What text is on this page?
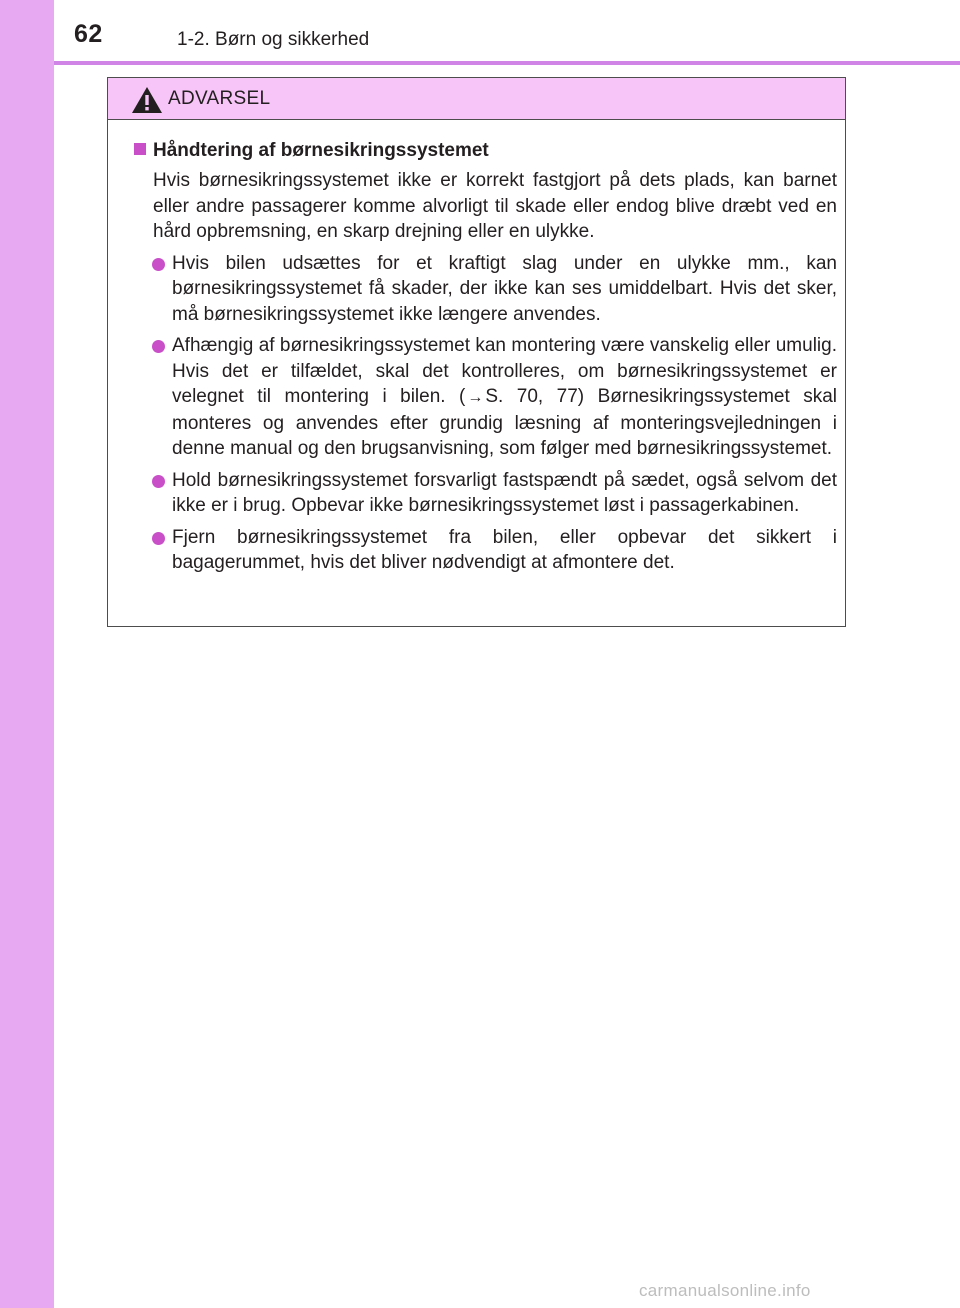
62	1-2. Børn og sikkerhed
ADVARSEL
Håndtering af børnesikringssystemet
Hvis børnesikringssystemet ikke er korrekt fastgjort på dets plads, kan barnet eller andre passagerer komme alvorligt til skade eller endog blive dræbt ved en hård opbremsning, en skarp drejning eller en ulykke.
Hvis bilen udsættes for et kraftigt slag under en ulykke mm., kan børnesikringssystemet få skader, der ikke kan ses umiddelbart. Hvis det sker, må børnesikringssystemet ikke længere anvendes.
Afhængig af børnesikringssystemet kan montering være vanskelig eller umulig. Hvis det er tilfældet, skal det kontrolleres, om børnesikringssystemet er velegnet til montering i bilen. ( → S. 70, 77) Børnesikringssystemet skal monteres og anvendes efter grundig læsning af monteringsvejledningen i denne manual og den brugsanvisning, som følger med børnesikringssystemet.
Hold børnesikringssystemet forsvarligt fastspændt på sædet, også selvom det ikke er i brug. Opbevar ikke børnesikringssystemet løst i passagerkabinen.
Fjern børnesikringssystemet fra bilen, eller opbevar det sikkert i bagagerummet, hvis det bliver nødvendigt at afmontere det.
carmanualsonline.info
